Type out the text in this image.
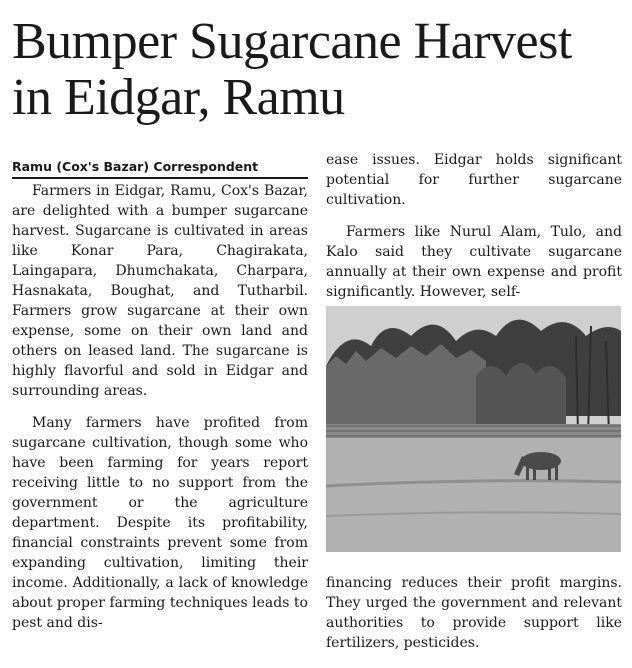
Bumper Sugarcane Harvest in Eidgar, Ramu
Ramu (Cox's Bazar) Correspondent

Farmers in Eidgar, Ramu, Cox's Bazar, are delighted with a bumper sugarcane harvest. Sugarcane is cultivated in areas like Konar Para, Chagirakata, Laingapara, Dhumchakata, Charpara, Hasnakata, Boughat, and Tutharbil. Farmers grow sugarcane at their own expense, some on their own land and others on leased land. The sugarcane is highly flavorful and sold in Eidgar and surrounding areas.

Many farmers have profited from sugarcane cultivation, though some who have been farming for years report receiving little to no support from the government or the agriculture department. Despite its profitability, financial constraints prevent some from expanding cultivation, limiting their income. Additionally, a lack of knowledge about proper farming techniques leads to pest and dis-

ease issues. Eidgar holds significant potential for further sugarcane cultivation.

Farmers like Nurul Alam, Tulo, and Kalo said they cultivate sugarcane annually at their own expense and profit significantly. However, self-

financing reduces their profit margins. They urged the government and relevant authorities to provide support like fertilizers, pesticides.
